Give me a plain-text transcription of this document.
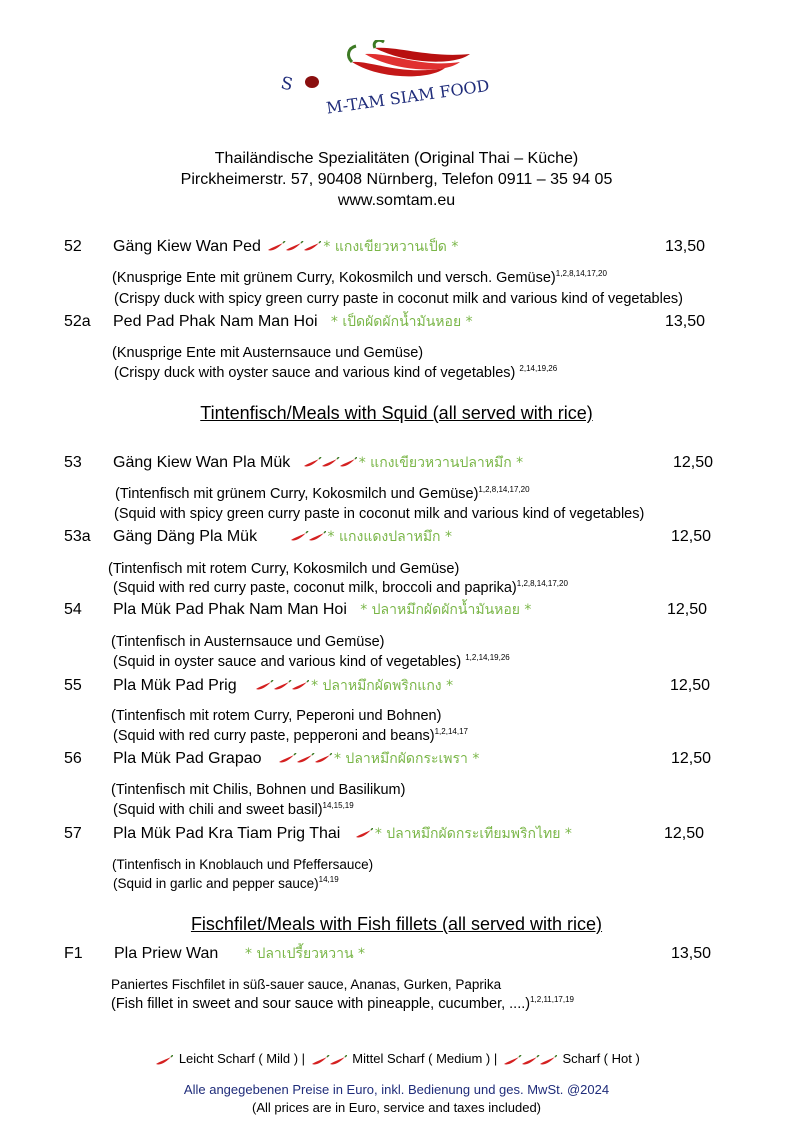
S M-TAM SIAM FOOD
Thailändische Spezialitäten (Original Thai – Küche)
Pirckheimerstr. 57, 90408 Nürnberg, Telefon 0911 – 35 94 05
www.somtam.eu
52 Gäng Kiew Wan Ped	* แกงเขียวหวานเป็ด *	13,50
(Knusprige Ente mit grünem Curry, Kokosmilch und versch. Gemüse)$^{1,2,8,14,17,20}$
(Crispy duck with spicy green curry paste in coconut milk and various kind of vegetables)
52a Ped Pad Phak Nam Man Hoi * เป็ดผัดผักน้ำมันหอย *	13,50
(Knusprige Ente mit Austernsauce und Gemüse)
(Crispy duck with oyster sauce and various kind of vegetables) $^{2,14,19,26}$
Tintenfisch/Meals with Squid (all served with rice)
53 Gäng Kiew Wan Pla Mük	* แกงเขียวหวานปลาหมึก *	12,50
(Tintenfisch mit grünem Curry, Kokosmilch und Gemüse)$^{1,2,8,14,17,20}$
(Squid with spicy green curry paste in coconut milk and various kind of vegetables)
53a Gäng Däng Pla Mük	* แกงแดงปลาหมึก *	12,50
(Tintenfisch mit rotem Curry, Kokosmilch und Gemüse)
(Squid with red curry paste, coconut milk, broccoli and paprika)$^{1,2,8,14,17,20}$
54 Pla Mük Pad Phak Nam Man Hoi * ปลาหมึกผัดผักน้ำมันหอย *	12,50
(Tintenfisch in Austernsauce und Gemüse)
(Squid in oyster sauce and various kind of vegetables) $^{1,2,14,19,26}$
55 Pla Mük Pad Prig	* ปลาหมึกผัดพริกแกง *	12,50
(Tintenfisch mit rotem Curry, Peperoni und Bohnen)
(Squid with red curry paste, pepperoni and beans)$^{1,2,14,17}$
56 Pla Mük Pad Grapao	* ปลาหมึกผัดกระเพรา *	12,50
(Tintenfisch mit Chilis, Bohnen und Basilikum)
(Squid with chili and sweet basil)$^{14,15,19}$
57 Pla Mük Pad Kra Tiam Prig Thai * ปลาหมึกผัดกระเทียมพริกไทย *	12,50
(Tintenfisch in Knoblauch und Pfeffersauce)
(Squid in garlic and pepper sauce)$^{14,19}$
Fischfilet/Meals with Fish fillets (all served with rice)
F1 Pla Priew Wan * ปลาเปรี้ยวหวาน *	13,50
Paniertes Fischfilet in süß-sauer sauce, Ananas, Gurken, Paprika
(Fish fillet in sweet and sour sauce with pineapple, cucumber, ....)$^{1,2,11,17,19}$
Leicht Scharf ( Mild ) |	Mittel Scharf ( Medium ) |	Scharf ( Hot )
Alle angegebenen Preise in Euro, inkl. Bedienung und ges. MwSt. @2024
(All prices are in Euro, service and taxes included)
